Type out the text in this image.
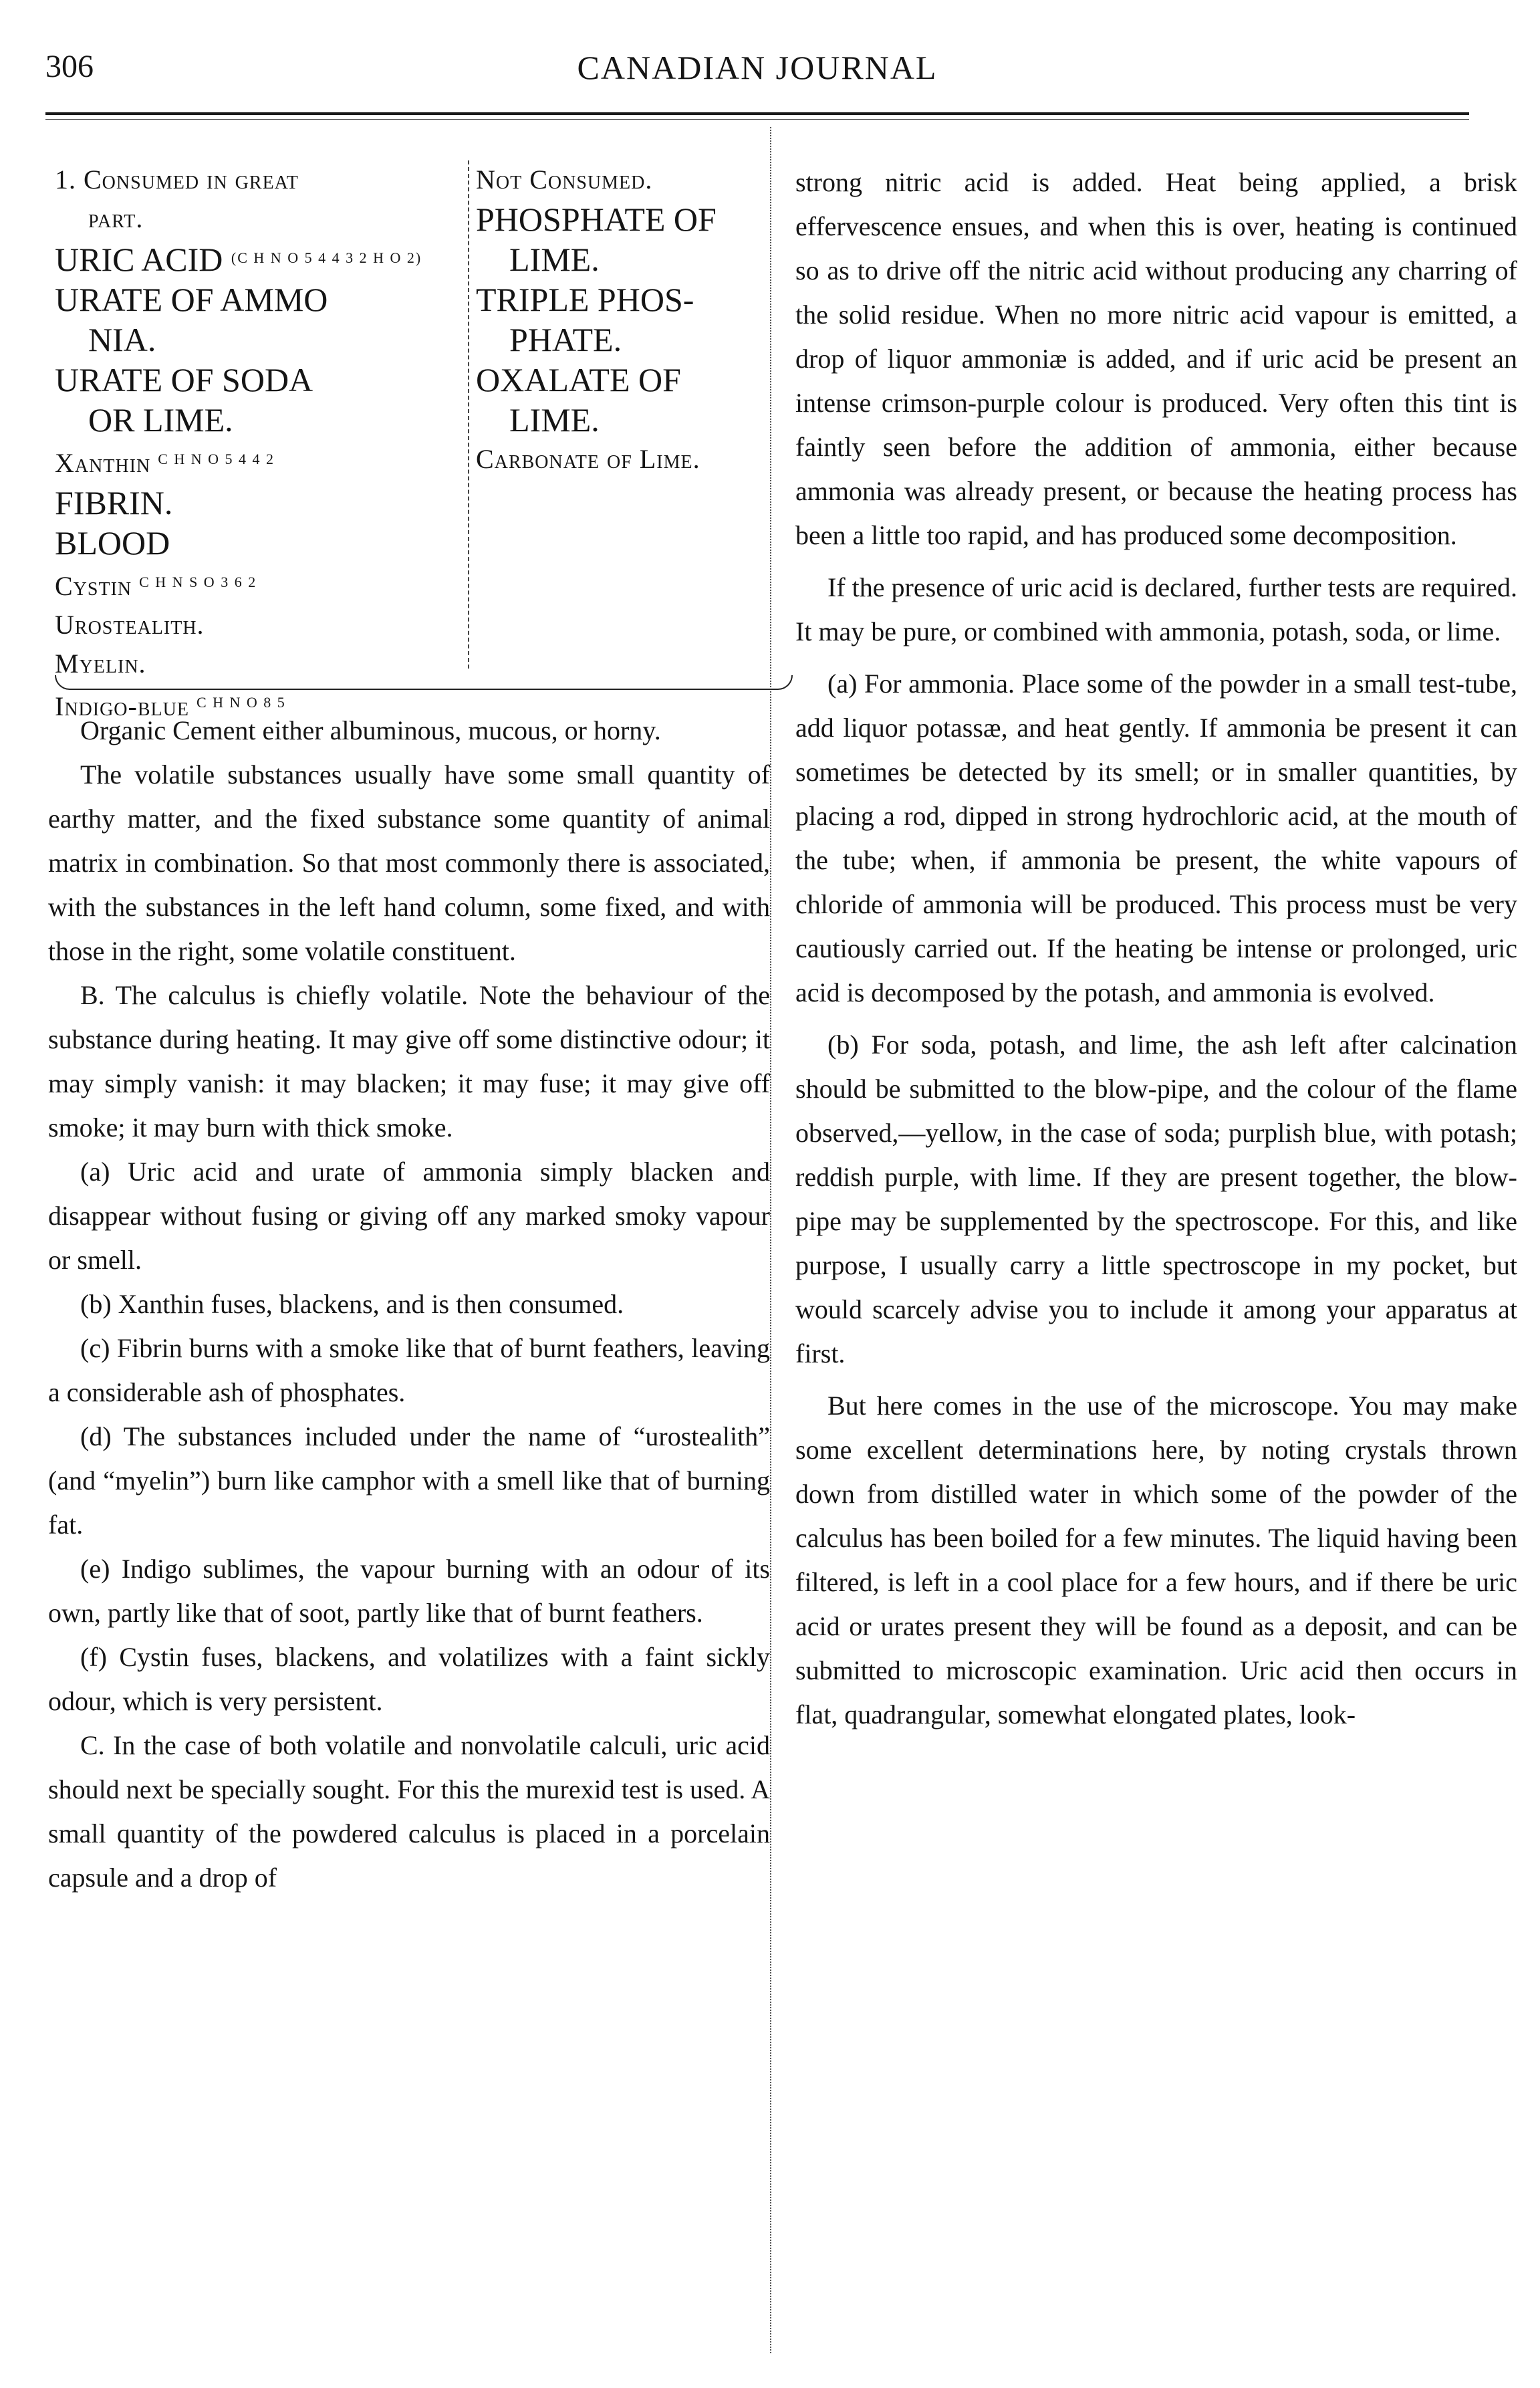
306	CANADIAN JOURNAL
1. Consumed in great
part.
URIC ACID $^{(C H N O 5 4 4 3 2 H O 2)}$
URATE OF AMMO
NIA.
URATE OF SODA
OR LIME.
Xanthin $^{C H N O 5 4 4 2}$
FIBRIN.
BLOOD
Cystin $^{C H N S O 3 6 2}$
Urostealith.
Myelin.
Indigo-blue $^{C H N O 8 5}$
Not Consumed.
PHOSPHATE OF
LIME.
TRIPLE PHOS-
PHATE.
OXALATE OF
LIME.
Carbonate of Lime.

Organic Cement either albuminous, mucous, or horny.

The volatile substances usually have some small quantity of earthy matter, and the fixed substance some quantity of animal matrix in combination. So that most commonly there is associated, with the substances in the left hand column, some fixed, and with those in the right, some volatile constituent.

B. The calculus is chiefly volatile. Note the behaviour of the substance during heating. It may give off some distinctive odour; it may simply vanish: it may blacken; it may fuse; it may give off smoke; it may burn with thick smoke.

(a) Uric acid and urate of ammonia simply blacken and disappear without fusing or giving off any marked smoky vapour or smell.

(b) Xanthin fuses, blackens, and is then consumed.

(c) Fibrin burns with a smoke like that of burnt feathers, leaving a considerable ash of phosphates.

(d) The substances included under the name of “urostealith” (and “myelin”) burn like camphor with a smell like that of burning fat.

(e) Indigo sublimes, the vapour burning with an odour of its own, partly like that of soot, partly like that of burnt feathers.

(f) Cystin fuses, blackens, and volatilizes with a faint sickly odour, which is very persistent.

C. In the case of both volatile and nonvolatile calculi, uric acid should next be specially sought. For this the murexid test is used. A small quantity of the powdered calculus is placed in a porcelain capsule and a drop of

strong nitric acid is added. Heat being applied, a brisk effervescence ensues, and when this is over, heating is continued so as to drive off the nitric acid without producing any charring of the solid residue. When no more nitric acid vapour is emitted, a drop of liquor ammoniæ is added, and if uric acid be present an intense crimson-purple colour is produced. Very often this tint is faintly seen before the addition of ammonia, either because ammonia was already present, or because the heating process has been a little too rapid, and has produced some decomposition.

If the presence of uric acid is declared, further tests are required. It may be pure, or combined with ammonia, potash, soda, or lime.

(a) For ammonia. Place some of the powder in a small test-tube, add liquor potassæ, and heat gently. If ammonia be present it can sometimes be detected by its smell; or in smaller quantities, by placing a rod, dipped in strong hydrochloric acid, at the mouth of the tube; when, if ammonia be present, the white vapours of chloride of ammonia will be produced. This process must be very cautiously carried out. If the heating be intense or prolonged, uric acid is decomposed by the potash, and ammonia is evolved.

(b) For soda, potash, and lime, the ash left after calcination should be submitted to the blow-pipe, and the colour of the flame observed,—yellow, in the case of soda; purplish blue, with potash; reddish purple, with lime. If they are present together, the blow-pipe may be supplemented by the spectroscope. For this, and like purpose, I usually carry a little spectroscope in my pocket, but would scarcely advise you to include it among your apparatus at first.

But here comes in the use of the microscope. You may make some excellent determinations here, by noting crystals thrown down from distilled water in which some of the powder of the calculus has been boiled for a few minutes. The liquid having been filtered, is left in a cool place for a few hours, and if there be uric acid or urates present they will be found as a deposit, and can be submitted to microscopic examination. Uric acid then occurs in flat, quadrangular, somewhat elongated plates, look-
